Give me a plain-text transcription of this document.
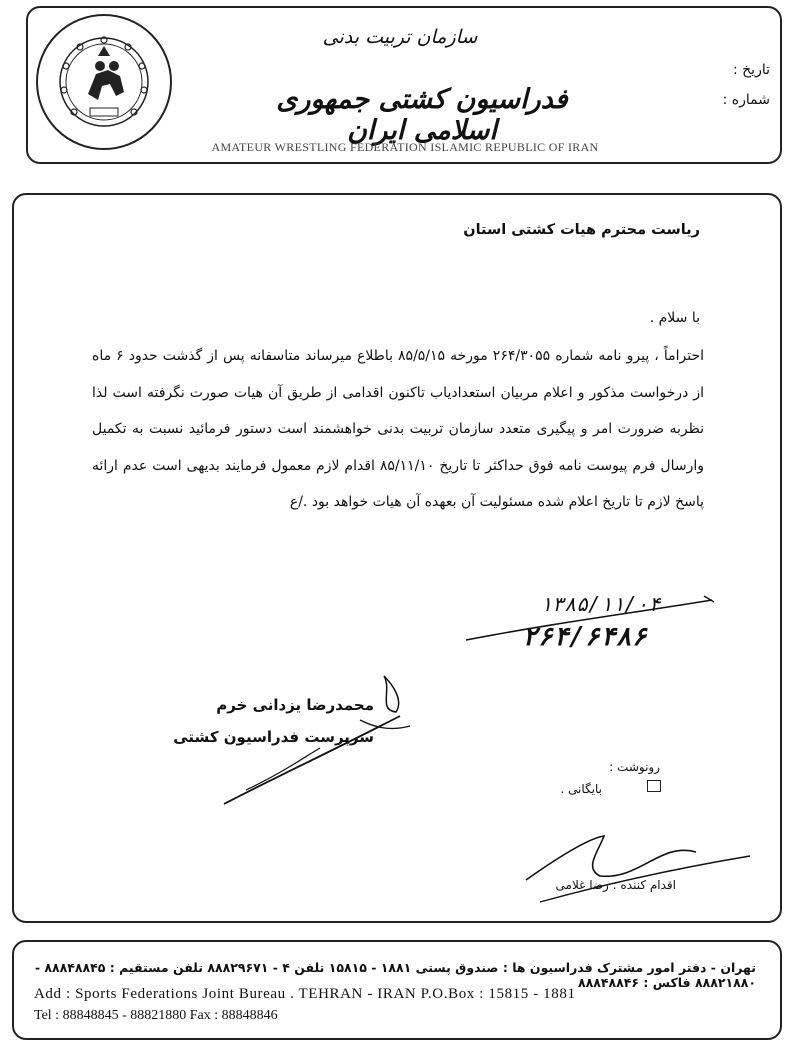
سازمان تربیت بدنی
فدراسیون کشتی جمهوری اسلامی ایران
AMATEUR WRESTLING FEDERATION ISLAMIC REPUBLIC OF IRAN
تاریخ :
شماره :
ریاست محترم هیات کشتی استان
با سلام .
احتراماً ، پیرو نامه شماره ۲۶۴/۳۰۵۵ مورخه ۸۵/۵/۱۵ باطلاع میرساند متاسفانه پس از گذشت حدود ۶ ماه از درخواست مذکور و اعلام مربیان استعدادیاب تاکنون اقدامی از طریق آن هیات صورت نگرفته است لذا نظربه ضرورت امر و پیگیری متعدد سازمان تربیت بدنی خواهشمند است دستور فرمائید نسبت به تکمیل وارسال فرم پیوست نامه فوق حداکثر تا تاریخ ۸۵/۱۱/۱۰ اقدام لازم معمول فرمایند بدیهی است عدم ارائه پاسخ لازم تا تاریخ اعلام شده مسئولیت آن بعهده آن هیات خواهد بود ./ع
۱۳۸۵/۱۱/۰۴
۲۶۴/۶۴۸۶
محمدرضا یزدانی خرم
سرپرست فدراسیون کشتی
رونوشت :
بایگانی .
اقدام کننده : رضا غلامی
تهران - دفتر امور مشترک فدراسیون ها : صندوق پستی ۱۸۸۱ - ۱۵۸۱۵ تلفن ۴ - ۸۸۸۲۹۶۷۱ تلفن مستقیم : ۸۸۸۴۸۸۴۵ - ۸۸۸۲۱۸۸۰ فاکس : ۸۸۸۴۸۸۴۶
Add : Sports Federations Joint Bureau . TEHRAN - IRAN P.O.Box : 15815 - 1881
Tel : 88848845 - 88821880 Fax : 88848846
